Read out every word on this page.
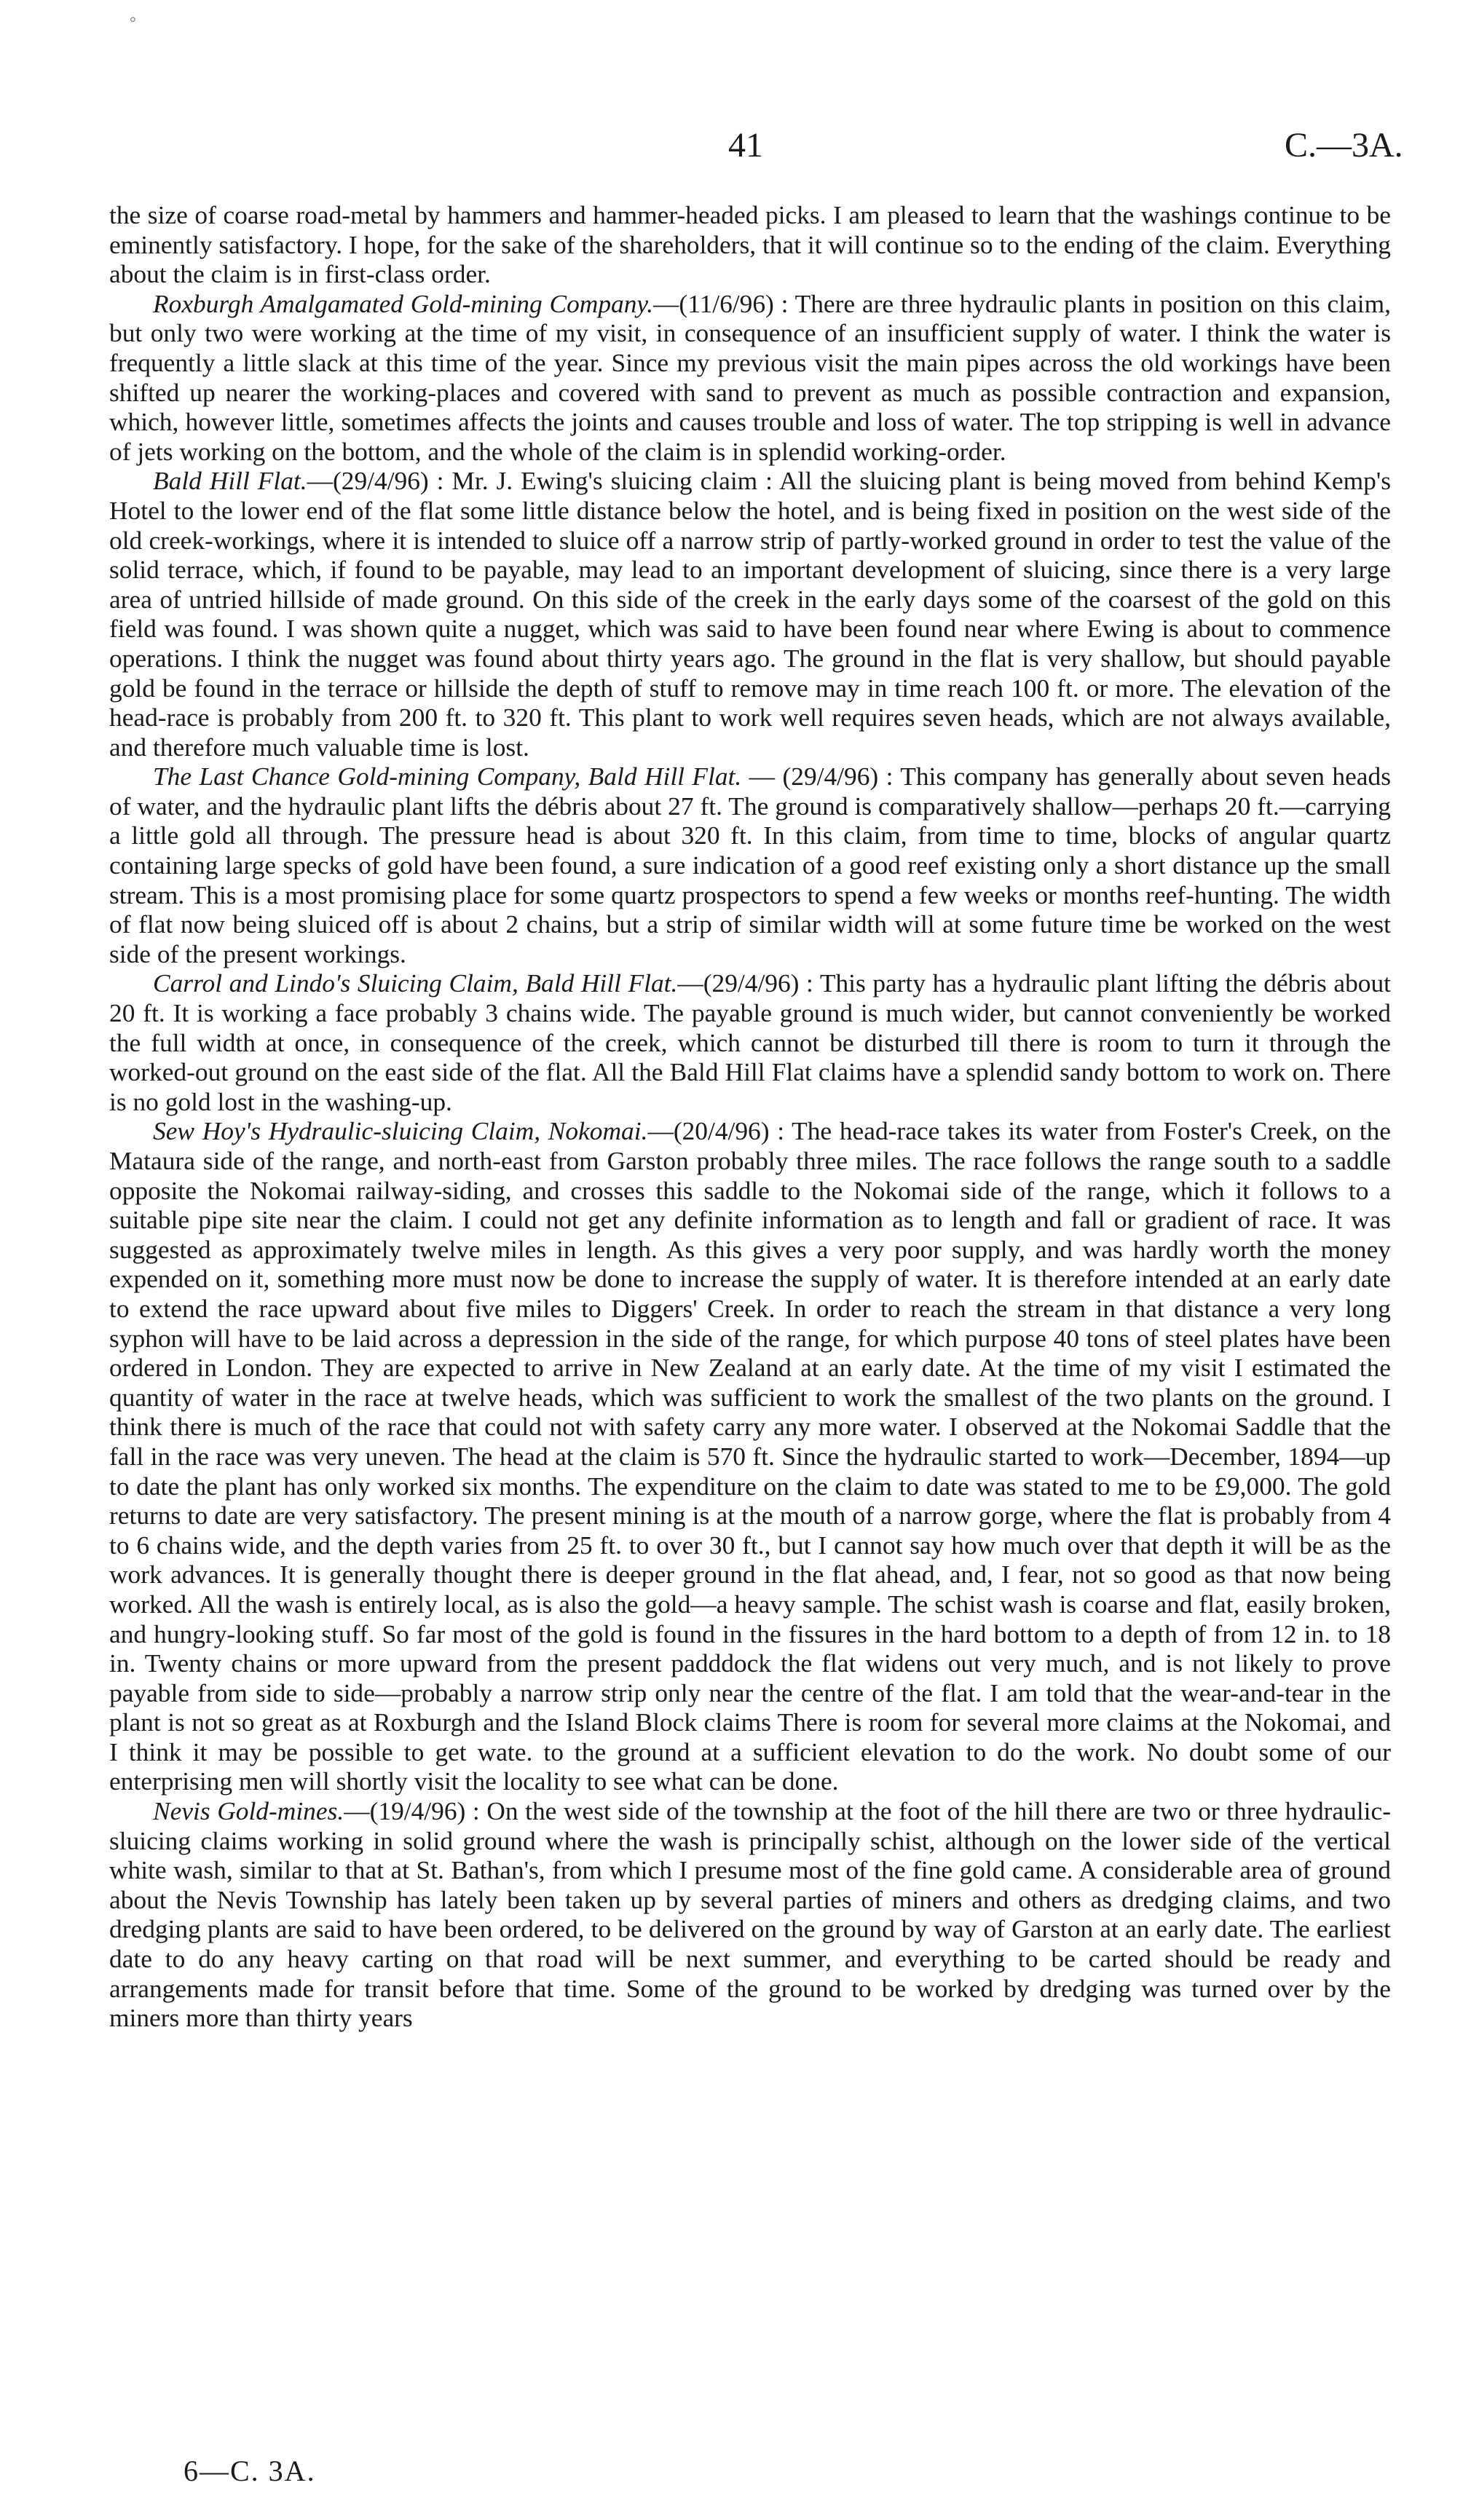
°
41	C.—3A.

the size of coarse road-metal by hammers and hammer-headed picks. I am pleased to learn that the washings continue to be eminently satisfactory. I hope, for the sake of the shareholders, that it will continue so to the ending of the claim. Everything about the claim is in first-class order.

Roxburgh Amalgamated Gold-mining Company.—(11/6/96) : There are three hydraulic plants in position on this claim, but only two were working at the time of my visit, in consequence of an insufficient supply of water. I think the water is frequently a little slack at this time of the year. Since my previous visit the main pipes across the old workings have been shifted up nearer the working-places and covered with sand to prevent as much as possible contraction and expansion, which, however little, sometimes affects the joints and causes trouble and loss of water. The top stripping is well in advance of jets working on the bottom, and the whole of the claim is in splendid working-order.

Bald Hill Flat.—(29/4/96) : Mr. J. Ewing's sluicing claim : All the sluicing plant is being moved from behind Kemp's Hotel to the lower end of the flat some little distance below the hotel, and is being fixed in position on the west side of the old creek-workings, where it is intended to sluice off a narrow strip of partly-worked ground in order to test the value of the solid terrace, which, if found to be payable, may lead to an important development of sluicing, since there is a very large area of untried hillside of made ground. On this side of the creek in the early days some of the coarsest of the gold on this field was found. I was shown quite a nugget, which was said to have been found near where Ewing is about to commence operations. I think the nugget was found about thirty years ago. The ground in the flat is very shallow, but should payable gold be found in the terrace or hillside the depth of stuff to remove may in time reach 100 ft. or more. The elevation of the head-race is probably from 200 ft. to 320 ft. This plant to work well requires seven heads, which are not always available, and therefore much valuable time is lost.

The Last Chance Gold-mining Company, Bald Hill Flat. — (29/4/96) : This company has generally about seven heads of water, and the hydraulic plant lifts the débris about 27 ft. The ground is comparatively shallow—perhaps 20 ft.—carrying a little gold all through. The pressure head is about 320 ft. In this claim, from time to time, blocks of angular quartz containing large specks of gold have been found, a sure indication of a good reef existing only a short distance up the small stream. This is a most promising place for some quartz prospectors to spend a few weeks or months reef-hunting. The width of flat now being sluiced off is about 2 chains, but a strip of similar width will at some future time be worked on the west side of the present workings.

Carrol and Lindo's Sluicing Claim, Bald Hill Flat.—(29/4/96) : This party has a hydraulic plant lifting the débris about 20 ft. It is working a face probably 3 chains wide. The payable ground is much wider, but cannot conveniently be worked the full width at once, in consequence of the creek, which cannot be disturbed till there is room to turn it through the worked-out ground on the east side of the flat. All the Bald Hill Flat claims have a splendid sandy bottom to work on. There is no gold lost in the washing-up.

Sew Hoy's Hydraulic-sluicing Claim, Nokomai.—(20/4/96) : The head-race takes its water from Foster's Creek, on the Mataura side of the range, and north-east from Garston probably three miles. The race follows the range south to a saddle opposite the Nokomai railway-siding, and crosses this saddle to the Nokomai side of the range, which it follows to a suitable pipe site near the claim. I could not get any definite information as to length and fall or gradient of race. It was suggested as approximately twelve miles in length. As this gives a very poor supply, and was hardly worth the money expended on it, something more must now be done to increase the supply of water. It is therefore intended at an early date to extend the race upward about five miles to Diggers' Creek. In order to reach the stream in that distance a very long syphon will have to be laid across a depression in the side of the range, for which purpose 40 tons of steel plates have been ordered in London. They are expected to arrive in New Zealand at an early date. At the time of my visit I estimated the quantity of water in the race at twelve heads, which was sufficient to work the smallest of the two plants on the ground. I think there is much of the race that could not with safety carry any more water. I observed at the Nokomai Saddle that the fall in the race was very uneven. The head at the claim is 570 ft. Since the hydraulic started to work—December, 1894—up to date the plant has only worked six months. The expenditure on the claim to date was stated to me to be £9,000. The gold returns to date are very satisfactory. The present mining is at the mouth of a narrow gorge, where the flat is probably from 4 to 6 chains wide, and the depth varies from 25 ft. to over 30 ft., but I cannot say how much over that depth it will be as the work advances. It is generally thought there is deeper ground in the flat ahead, and, I fear, not so good as that now being worked. All the wash is entirely local, as is also the gold—a heavy sample. The schist wash is coarse and flat, easily broken, and hungry-looking stuff. So far most of the gold is found in the fissures in the hard bottom to a depth of from 12 in. to 18 in. Twenty chains or more upward from the present padddock the flat widens out very much, and is not likely to prove payable from side to side—probably a narrow strip only near the centre of the flat. I am told that the wear-and-tear in the plant is not so great as at Roxburgh and the Island Block claims There is room for several more claims at the Nokomai, and I think it may be possible to get wate. to the ground at a sufficient elevation to do the work. No doubt some of our enterprising men will shortly visit the locality to see what can be done.

Nevis Gold-mines.—(19/4/96) : On the west side of the township at the foot of the hill there are two or three hydraulic-sluicing claims working in solid ground where the wash is principally schist, although on the lower side of the vertical white wash, similar to that at St. Bathan's, from which I presume most of the fine gold came. A considerable area of ground about the Nevis Township has lately been taken up by several parties of miners and others as dredging claims, and two dredging plants are said to have been ordered, to be delivered on the ground by way of Garston at an early date. The earliest date to do any heavy carting on that road will be next summer, and everything to be carted should be ready and arrangements made for transit before that time. Some of the ground to be worked by dredging was turned over by the miners more than thirty years

6—C. 3A.
